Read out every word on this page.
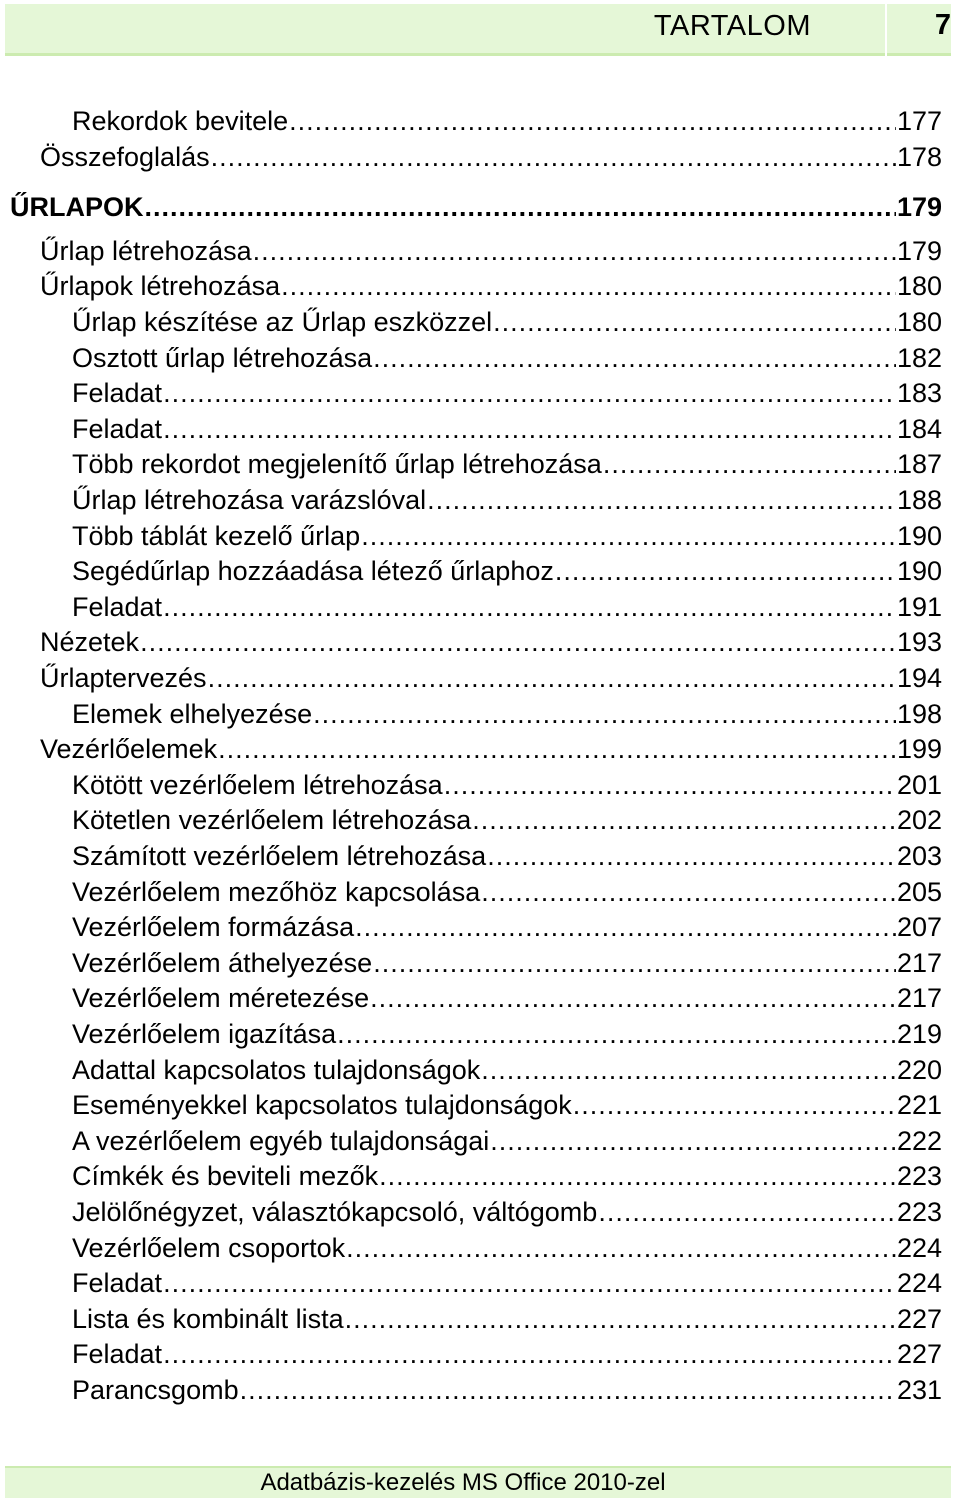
TARTALOM	7
Rekordok bevitele .....	177
Összefoglalás .....	178
ŰRLAPOK .....	179
Űrlap létrehozása .....	179
Űrlapok létrehozása .....	180
Űrlap készítése az Űrlap eszközzel .....	180
Osztott űrlap létrehozása .....	182
Feladat .....	183
Feladat .....	184
Több rekordot megjelenítő űrlap létrehozása .....	187
Űrlap létrehozása varázslóval .....	188
Több táblát kezelő űrlap .....	190
Segédűrlap hozzáadása létező űrlaphoz .....	190
Feladat .....	191
Nézetek .....	193
Űrlaptervezés .....	194
Elemek elhelyezése .....	198
Vezérlőelemek .....	199
Kötött vezérlőelem létrehozása .....	201
Kötetlen vezérlőelem létrehozása .....	202
Számított vezérlőelem létrehozása .....	203
Vezérlőelem mezőhöz kapcsolása .....	205
Vezérlőelem formázása .....	207
Vezérlőelem áthelyezése .....	217
Vezérlőelem méretezése .....	217
Vezérlőelem igazítása .....	219
Adattal kapcsolatos tulajdonságok .....	220
Eseményekkel kapcsolatos tulajdonságok .....	221
A vezérlőelem egyéb tulajdonságai .....	222
Címkék és beviteli mezők .....	223
Jelölőnégyzet, választókapcsoló, váltógomb .....	223
Vezérlőelem csoportok .....	224
Feladat .....	224
Lista és kombinált lista .....	227
Feladat .....	227
Parancsgomb .....	231
Adatbázis-kezelés MS Office 2010-zel
